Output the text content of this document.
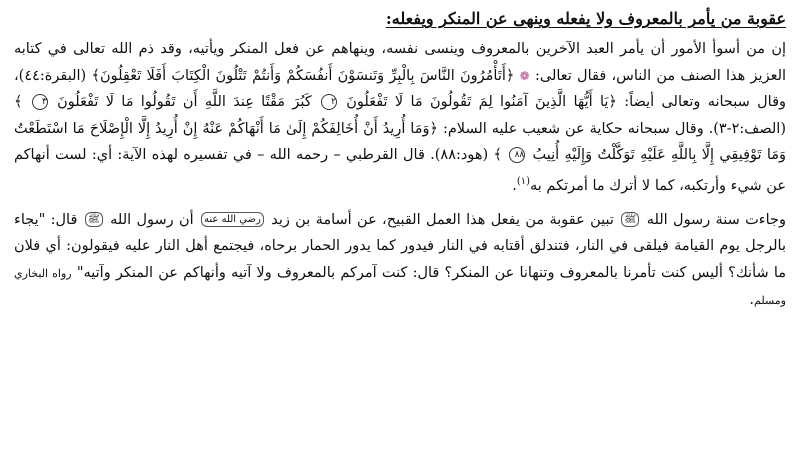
عقوبة من يأمر بالمعروف ولا يفعله وينهى عن المنكر ويفعله:

إن من أسوأ الأمور أن يأمر العبد الآخرين بالمعروف وينسى نفسه، وينهاهم عن فعل المنكر ويأتيه، وقد ذم الله تعالى في كتابه العزيز هذا الصنف من الناس، فقال تعالى: ❁ ﴿أَتَأْمُرُونَ النَّاسَ بِالْبِرِّ وَتَنسَوْنَ أَنفُسَكُمْ وَأَنتُمْ تَتْلُونَ الْكِتَابَ أَفَلَا تَعْقِلُونَ﴾ (البقرة:٤٤)، وقال سبحانه وتعالى أيضاً: ﴿يَا أَيُّهَا الَّذِينَ آمَنُوا لِمَ تَقُولُونَ مَا لَا تَفْعَلُونَ ٢ كَبُرَ مَقْتًا عِندَ اللَّهِ أَن تَقُولُوا مَا لَا تَفْعَلُونَ ٣ ﴾ (الصف:٢-٣). وقال سبحانه حكاية عن شعيب عليه السلام: ﴿وَمَا أُرِيدُ أَنْ أُخَالِفَكُمْ إِلَىٰ مَا أَنْهَاكُمْ عَنْهُ إِنْ أُرِيدُ إِلَّا الْإِصْلَاحَ مَا اسْتَطَعْتُ وَمَا تَوْفِيقِي إِلَّا بِاللَّهِ عَلَيْهِ تَوَكَّلْتُ وَإِلَيْهِ أُنِيبُ ٨٨ ﴾ (هود:٨٨). قال القرطبي – رحمه الله – في تفسيره لهذه الآية: أي: لست أنهاكم عن شيء وأرتكبه، كما لا أترك ما أمرتكم به$^{(١)}$.

وجاءت سنة رسول الله ﷺ تبين عقوبة من يفعل هذا العمل القبيح، عن أسامة بن زيد رضي الله عنه أن رسول الله ﷺ قال: "يجاء بالرجل يوم القيامة فيلقى في النار، فتندلق أقتابه في النار فيدور كما يدور الحمار برحاه، فيجتمع أهل النار عليه فيقولون: أي فلان ما شأنك؟ أليس كنت تأمرنا بالمعروف وتنهانا عن المنكر؟ قال: كنت آمركم بالمعروف ولا آتيه وأنهاكم عن المنكر وآتيه" رواه البخاري ومسلم.
